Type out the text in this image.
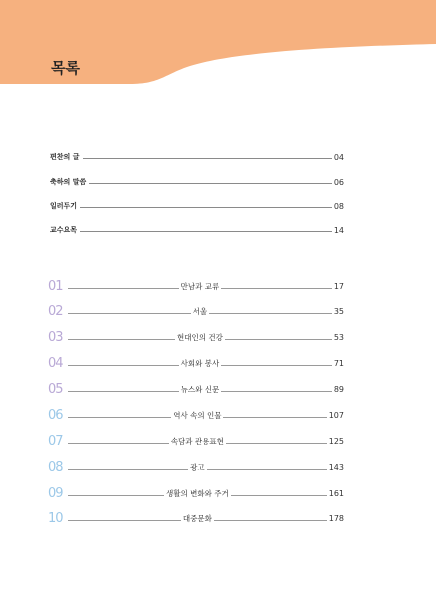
목록
편찬의 글	04
축하의 말씀	06
일러두기	08
교수요목	14
01	만남과 교류	17
02	서울	35
03	현대인의 건강	53
04	사회와 봉사	71
05	뉴스와 신문	89
06	역사 속의 인물	107
07	속담과 관용표현	125
08	광고	143
09	생활의 변화와 주거	161
10	대중문화	178
